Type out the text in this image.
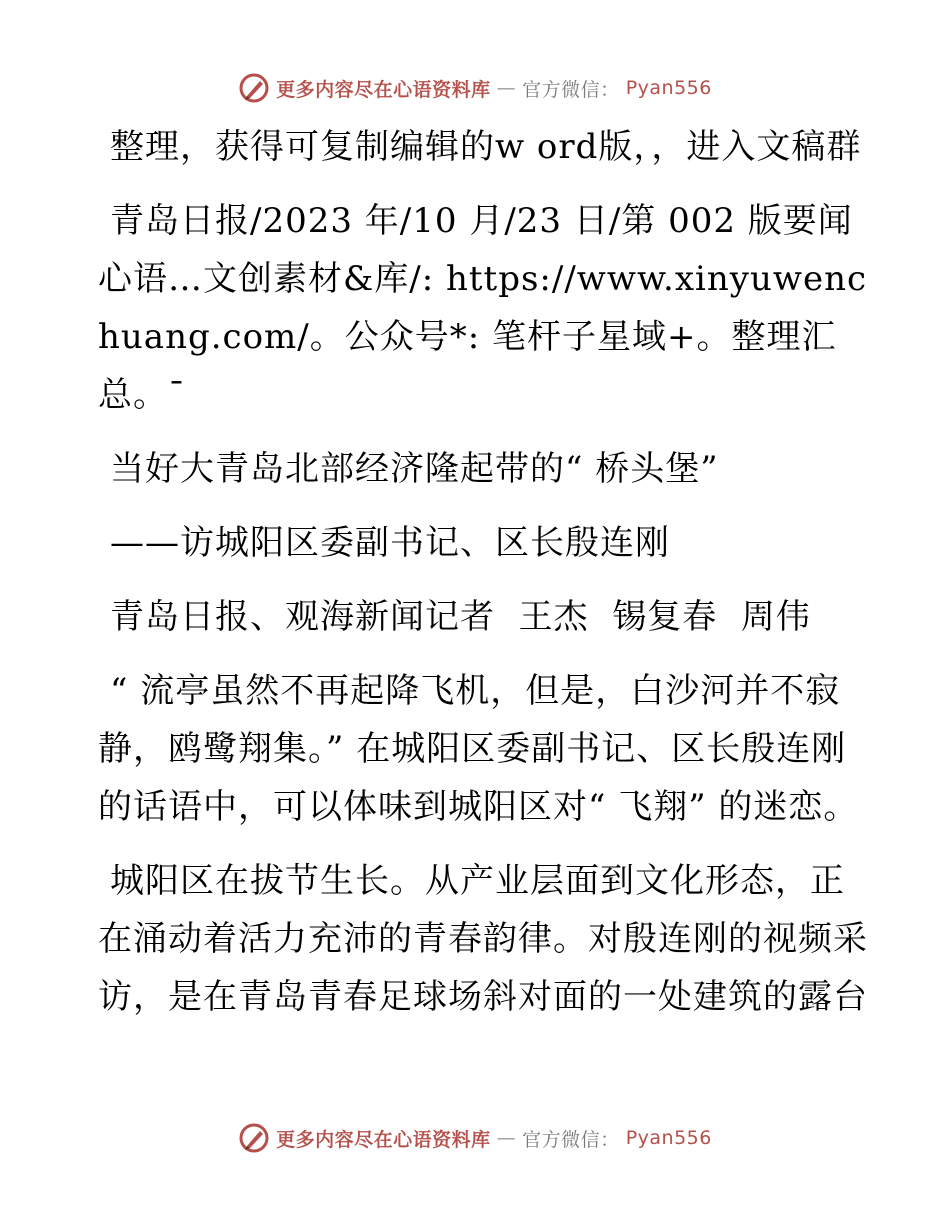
更多内容尽在心语资料库 — 官方微信： Pyan556

整理，获得可复制编辑的w ord版，，进入文稿群

青岛日报/2023 年/10 月/23 日/第 002 版要闻心语…文创素材&库/: https://www.xinyuwenchuang.com/。公众号*: 笔杆子星域+。整理汇总。¯

当好大青岛北部经济隆起带的“ 桥头堡”

——访城阳区委副书记、区长殷连刚

青岛日报、观海新闻记者  王杰  锡复春  周伟

“ 流亭虽然不再起降飞机，但是，白沙河并不寂静，鸥鹭翔集。” 在城阳区委副书记、区长殷连刚的话语中，可以体味到城阳区对“ 飞翔” 的迷恋。

城阳区在拔节生长。从产业层面到文化形态，正在涌动着活力充沛的青春韵律。对殷连刚的视频采访，是在青岛青春足球场斜对面的一处建筑的露台

更多内容尽在心语资料库 — 官方微信： Pyan556
